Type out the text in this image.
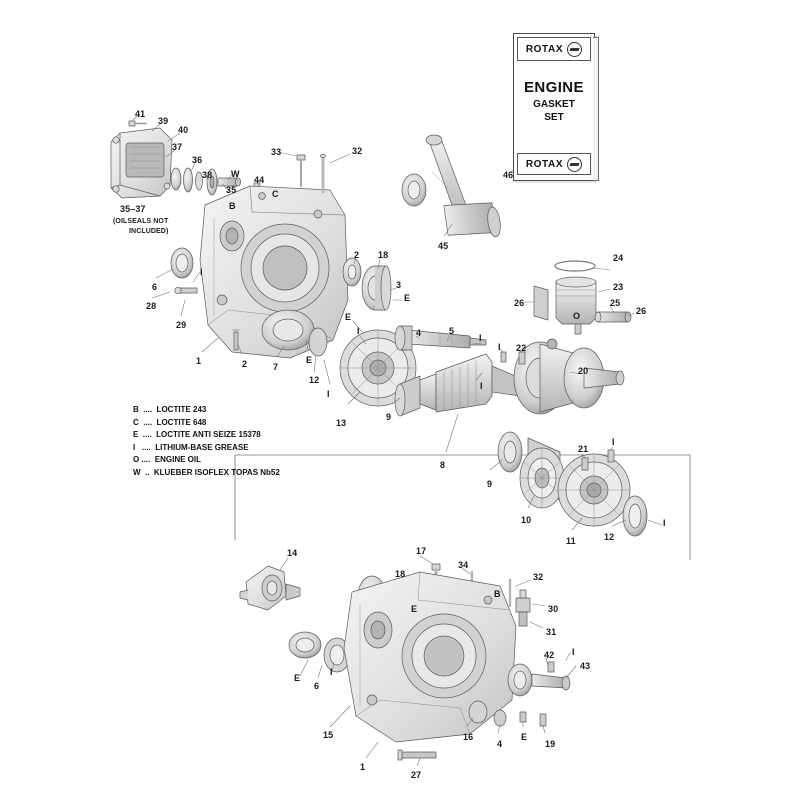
ROTAX
ENGINE
GASKET
SET
ROTAX
B  ....  LOCTITE 243
C  ....  LOCTITE 648
E  ....  LOCTITE ANTI SEIZE 15378
I   ....  LITHIUM-BASE GREASE
O ....  ENGINE OIL
W  ..  KLUEBER ISOFLEX TOPAS Nb52
35–37
(OILSEALS NOT
INCLUDED)
41
39
40
37
36
38 W
35
44
C
B
33	32
6
I
28
29
1	2	7
E
12
I
13
2 18
3
E
E
I
9
8
4	5
I
I
9
10
11	12
I
21
I
20
22
I
26	25
O	26
23
24
45
46
14	17
18
34
B
32
30
31
E
E
6
I
15
1
27
16
4
E
19
42
43
I
